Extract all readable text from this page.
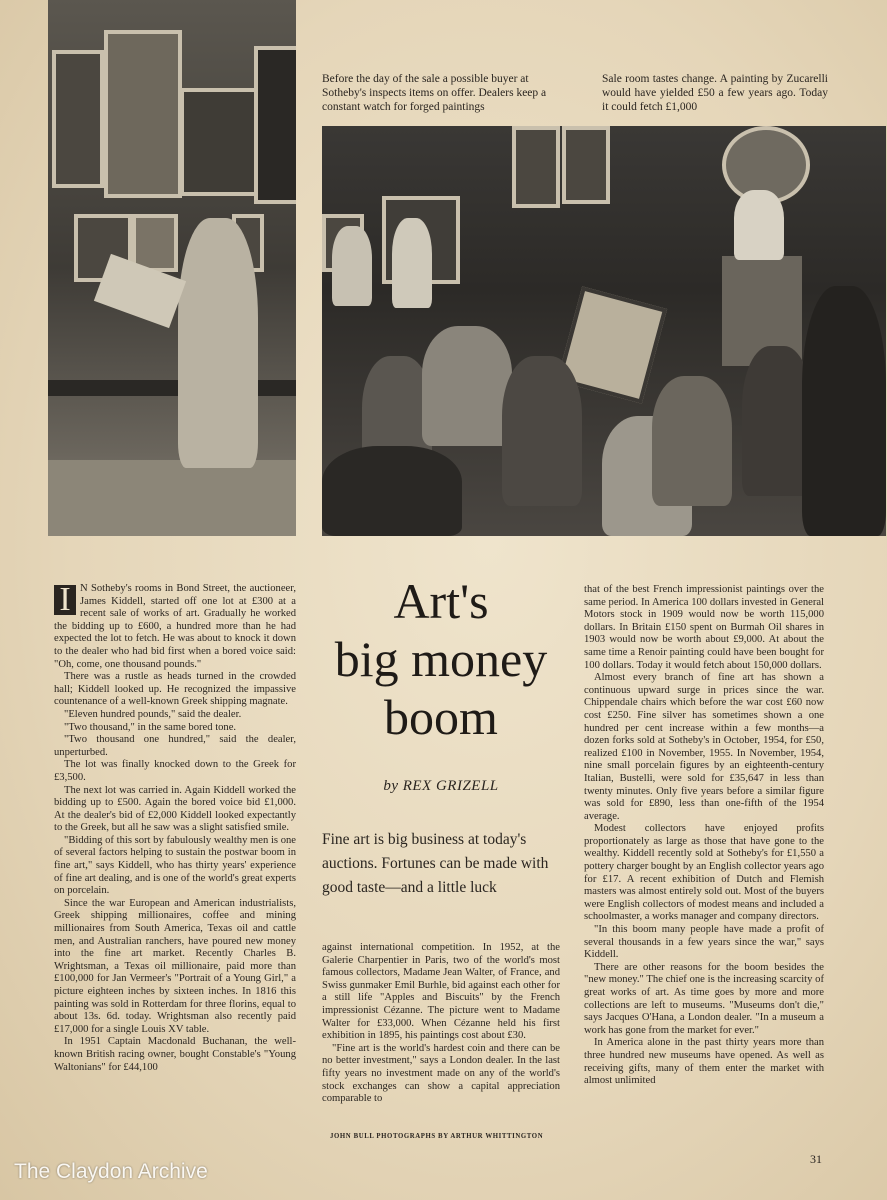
Before the day of the sale a possible buyer at Sotheby's inspects items on offer. Dealers keep a constant watch for forged paintings
Sale room tastes change. A painting by Zucarelli would have yielded £50 a few years ago. Today it could fetch £1,000

I N Sotheby's rooms in Bond Street, the auctioneer, James Kiddell, started off one lot at £300 at a recent sale of works of art. Gradually he worked the bidding up to £600, a hundred more than he had expected the lot to fetch. He was about to knock it down to the dealer who had bid first when a bored voice said: "Oh, come, one thousand pounds."

There was a rustle as heads turned in the crowded hall; Kiddell looked up. He recognized the impassive countenance of a well-known Greek shipping magnate.

"Eleven hundred pounds," said the dealer.

"Two thousand," in the same bored tone.

"Two thousand one hundred," said the dealer, unperturbed.

The lot was finally knocked down to the Greek for £3,500.

The next lot was carried in. Again Kiddell worked the bidding up to £500. Again the bored voice bid £1,000. At the dealer's bid of £2,000 Kiddell looked expectantly to the Greek, but all he saw was a slight satisfied smile.

"Bidding of this sort by fabulously wealthy men is one of several factors helping to sustain the postwar boom in fine art," says Kiddell, who has thirty years' experience of fine art dealing, and is one of the world's great experts on porcelain.

Since the war European and American industrialists, Greek shipping millionaires, coffee and mining millionaires from South America, Texas oil and cattle men, and Australian ranchers, have poured new money into the fine art market. Recently Charles B. Wrightsman, a Texas oil millionaire, paid more than £100,000 for Jan Vermeer's "Portrait of a Young Girl," a picture eighteen inches by sixteen inches. In 1816 this painting was sold in Rotterdam for three florins, equal to about 13s. 6d. today. Wrightsman also recently paid £17,000 for a single Louis XV table.

In 1951 Captain Macdonald Buchanan, the well-known British racing owner, bought Constable's "Young Waltonians" for £44,100

Art's
big money
boom
by REX GRIZELL
Fine art is big business at today's auctions. Fortunes can be made with good taste—and a little luck

against international competition. In 1952, at the Galerie Charpentier in Paris, two of the world's most famous collectors, Madame Jean Walter, of France, and Swiss gunmaker Emil Burhle, bid against each other for a still life "Apples and Biscuits" by the French impressionist Cézanne. The picture went to Madame Walter for £33,000. When Cézanne held his first exhibition in 1895, his paintings cost about £30.

"Fine art is the world's hardest coin and there can be no better investment," says a London dealer. In the last fifty years no investment made on any of the world's stock exchanges can show a capital appreciation comparable to

that of the best French impressionist paintings over the same period. In America 100 dollars invested in General Motors stock in 1909 would now be worth 115,000 dollars. In Britain £150 spent on Burmah Oil shares in 1903 would now be worth about £9,000. At about the same time a Renoir painting could have been bought for 100 dollars. Today it would fetch about 150,000 dollars.

Almost every branch of fine art has shown a continuous upward surge in prices since the war. Chippendale chairs which before the war cost £60 now cost £250. Fine silver has sometimes shown a one hundred per cent increase within a few months—a dozen forks sold at Sotheby's in October, 1954, for £50, realized £100 in November, 1955. In November, 1954, nine small porcelain figures by an eighteenth-century Italian, Bustelli, were sold for £35,647 in less than twenty minutes. Only five years before a similar figure was sold for £890, less than one-fifth of the 1954 average.

Modest collectors have enjoyed profits proportionately as large as those that have gone to the wealthy. Kiddell recently sold at Sotheby's for £1,550 a pottery charger bought by an English collector years ago for £17. A recent exhibition of Dutch and Flemish masters was almost entirely sold out. Most of the buyers were English collectors of modest means and included a schoolmaster, a works manager and company directors.

"In this boom many people have made a profit of several thousands in a few years since the war," says Kiddell.

There are other reasons for the boom besides the "new money." The chief one is the increasing scarcity of great works of art. As time goes by more and more collections are left to museums. "Museums don't die," says Jacques O'Hana, a London dealer. "In a museum a work has gone from the market for ever."

In America alone in the past thirty years more than three hundred new museums have opened. As well as receiving gifts, many of them enter the market with almost unlimited

JOHN BULL PHOTOGRAPHS BY ARTHUR WHITTINGTON
31
The Claydon Archive
